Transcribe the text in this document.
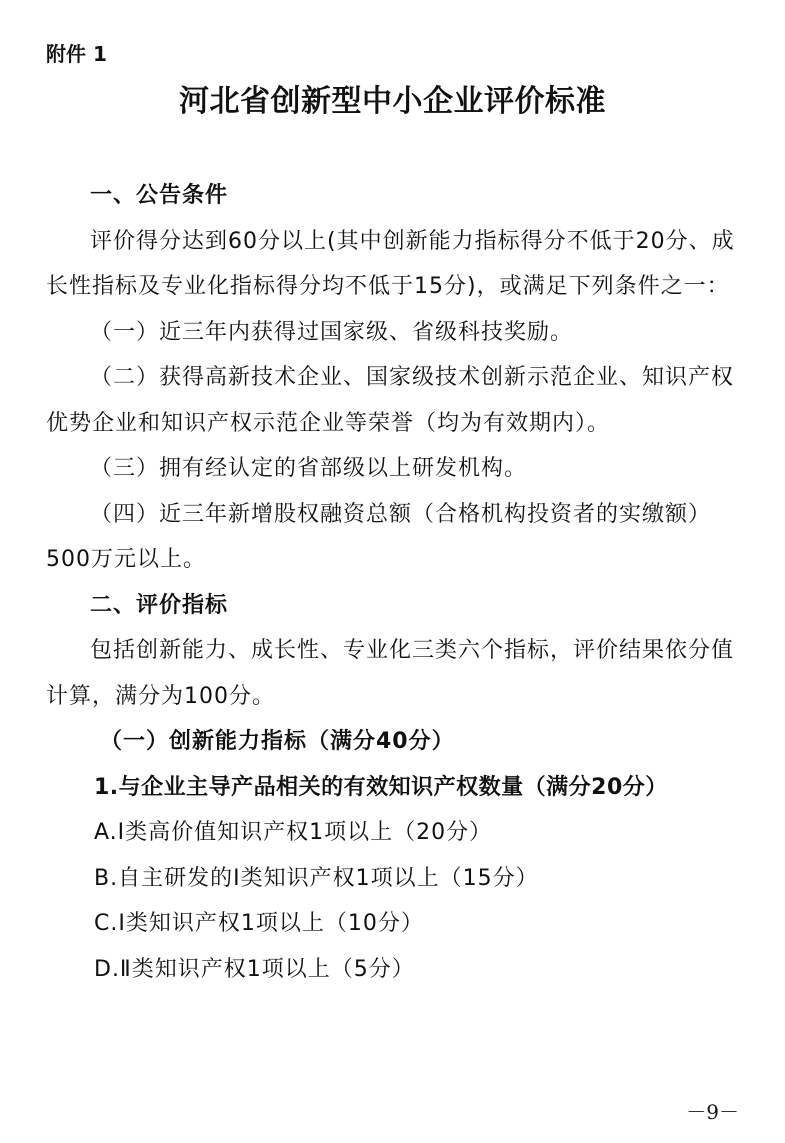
附件 1
河北省创新型中小企业评价标准

一、公告条件

评价得分达到60分以上(其中创新能力指标得分不低于20分、成长性指标及专业化指标得分均不低于15分)，或满足下列条件之一：

（一）近三年内获得过国家级、省级科技奖励。

（二）获得高新技术企业、国家级技术创新示范企业、知识产权优势企业和知识产权示范企业等荣誉（均为有效期内）。

（三）拥有经认定的省部级以上研发机构。

（四）近三年新增股权融资总额（合格机构投资者的实缴额）500万元以上。

二、评价指标

包括创新能力、成长性、专业化三类六个指标，评价结果依分值计算，满分为100分。

（一）创新能力指标（满分40分）

1.与企业主导产品相关的有效知识产权数量（满分20分）

A.Ⅰ类高价值知识产权1项以上（20分）

B.自主研发的Ⅰ类知识产权1项以上（15分）

C.Ⅰ类知识产权1项以上（10分）

D.Ⅱ类知识产权1项以上（5分）

－9－
